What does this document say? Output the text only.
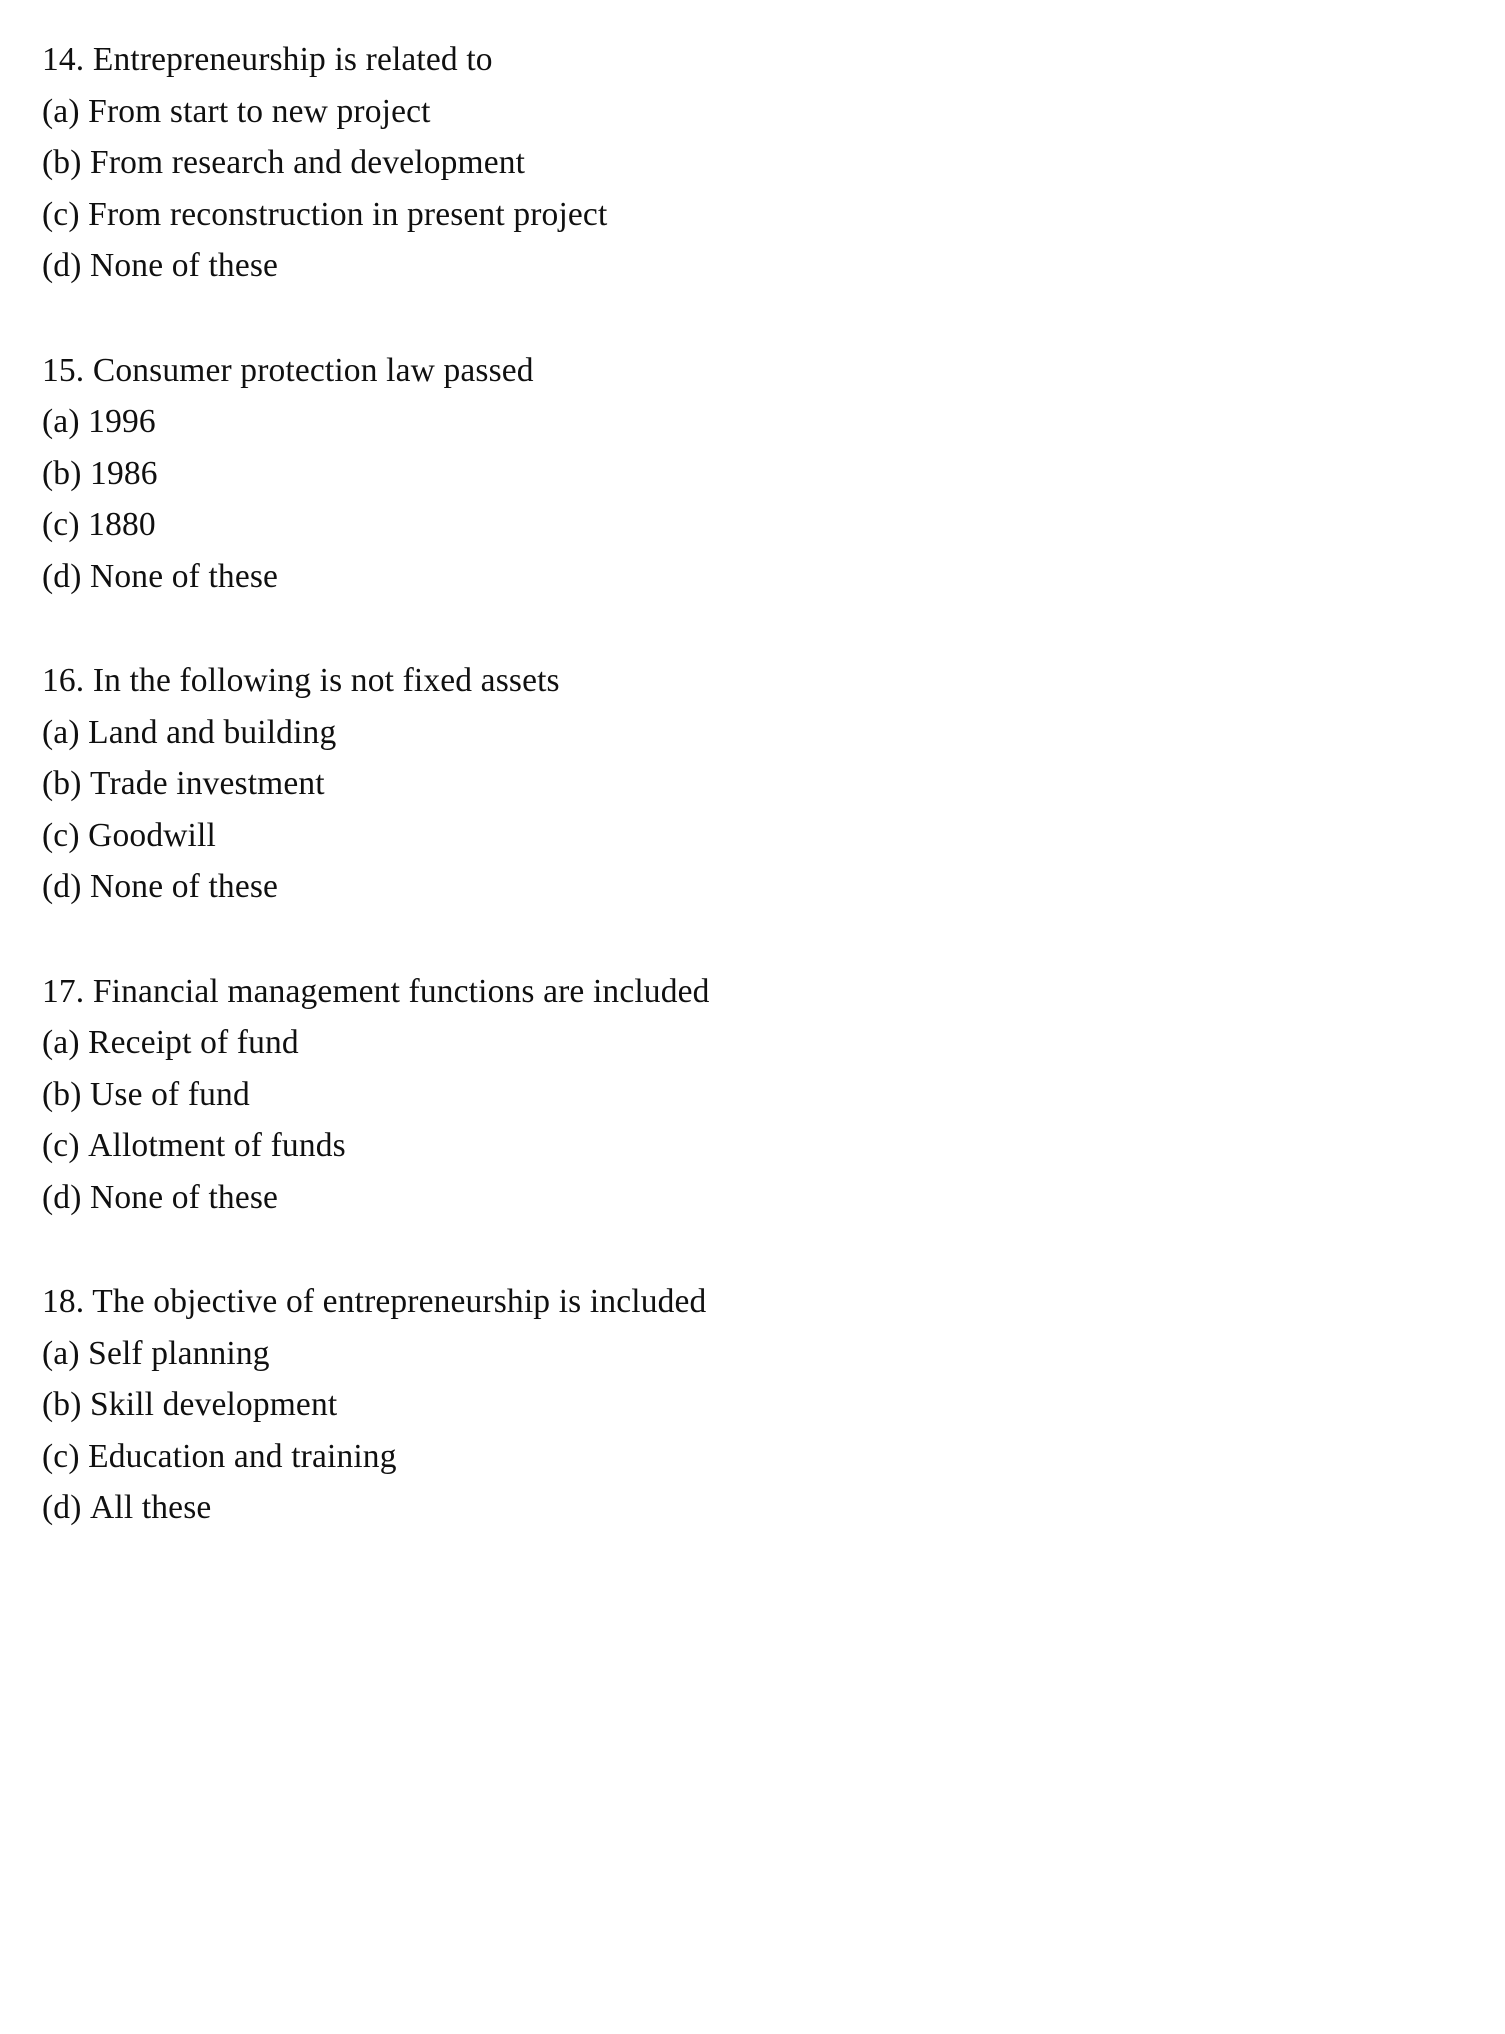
14. Entrepreneurship is related to

(a) From start to new project

(b) From research and development

(c) From reconstruction in present project

(d) None of these

15. Consumer protection law passed

(a) 1996

(b) 1986

(c) 1880

(d) None of these

16. In the following is not fixed assets

(a) Land and building

(b) Trade investment

(c) Goodwill

(d) None of these

17. Financial management functions are included

(a) Receipt of fund

(b) Use of fund

(c) Allotment of funds

(d) None of these

18. The objective of entrepreneurship is included

(a) Self planning

(b) Skill development

(c) Education and training

(d) All these
